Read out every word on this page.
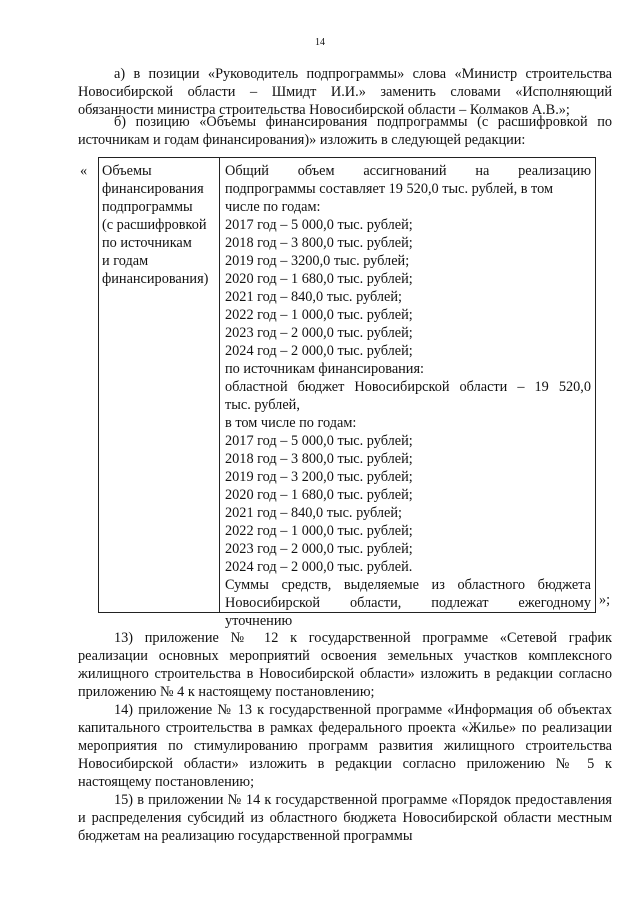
14
а) в позиции «Руководитель подпрограммы» слова «Министр строительства Новосибирской области – Шмидт И.И.» заменить словами «Исполняющий обязанности министра строительства Новосибирской области – Колмаков А.В.»;
б) позицию «Объемы финансирования подпрограммы (с расшифровкой по источникам и годам финансирования)» изложить в следующей редакции:
« Объемы
финансирования
подпрограммы
(с расшифровкой
по источникам
и годам
финансирования)
Общий объем ассигнований на реализацию
подпрограммы составляет 19 520,0 тыс. рублей, в том
числе по годам:
2017 год – 5 000,0 тыс. рублей;
2018 год – 3 800,0 тыс. рублей;
2019 год – 3200,0 тыс. рублей;
2020 год – 1 680,0 тыс. рублей;
2021 год – 840,0 тыс. рублей;
2022 год – 1 000,0 тыс. рублей;
2023 год – 2 000,0 тыс. рублей;
2024 год – 2 000,0 тыс. рублей;
по источникам финансирования:
областной бюджет Новосибирской области – 19 520,0
тыс. рублей,
в том числе по годам:
2017 год – 5 000,0 тыс. рублей;
2018 год – 3 800,0 тыс. рублей;
2019 год – 3 200,0 тыс. рублей;
2020 год – 1 680,0 тыс. рублей;
2021 год – 840,0 тыс. рублей;
2022 год – 1 000,0 тыс. рублей;
2023 год – 2 000,0 тыс. рублей;
2024 год – 2 000,0 тыс. рублей.
Суммы средств, выделяемые из областного бюджета
Новосибирской области, подлежат ежегодному
уточнению
»;
13) приложение № 12 к государственной программе «Сетевой график реализации основных мероприятий освоения земельных участков комплексного жилищного строительства в Новосибирской области» изложить в редакции согласно приложению № 4 к настоящему постановлению;
14) приложение № 13 к государственной программе «Информация об объектах капитального строительства в рамках федерального проекта «Жилье» по реализации мероприятия по стимулированию программ развития жилищного строительства Новосибирской области» изложить в редакции согласно приложению № 5 к настоящему постановлению;
15) в приложении № 14 к государственной программе «Порядок предоставления и распределения субсидий из областного бюджета Новосибирской области местным бюджетам на реализацию государственной программы
